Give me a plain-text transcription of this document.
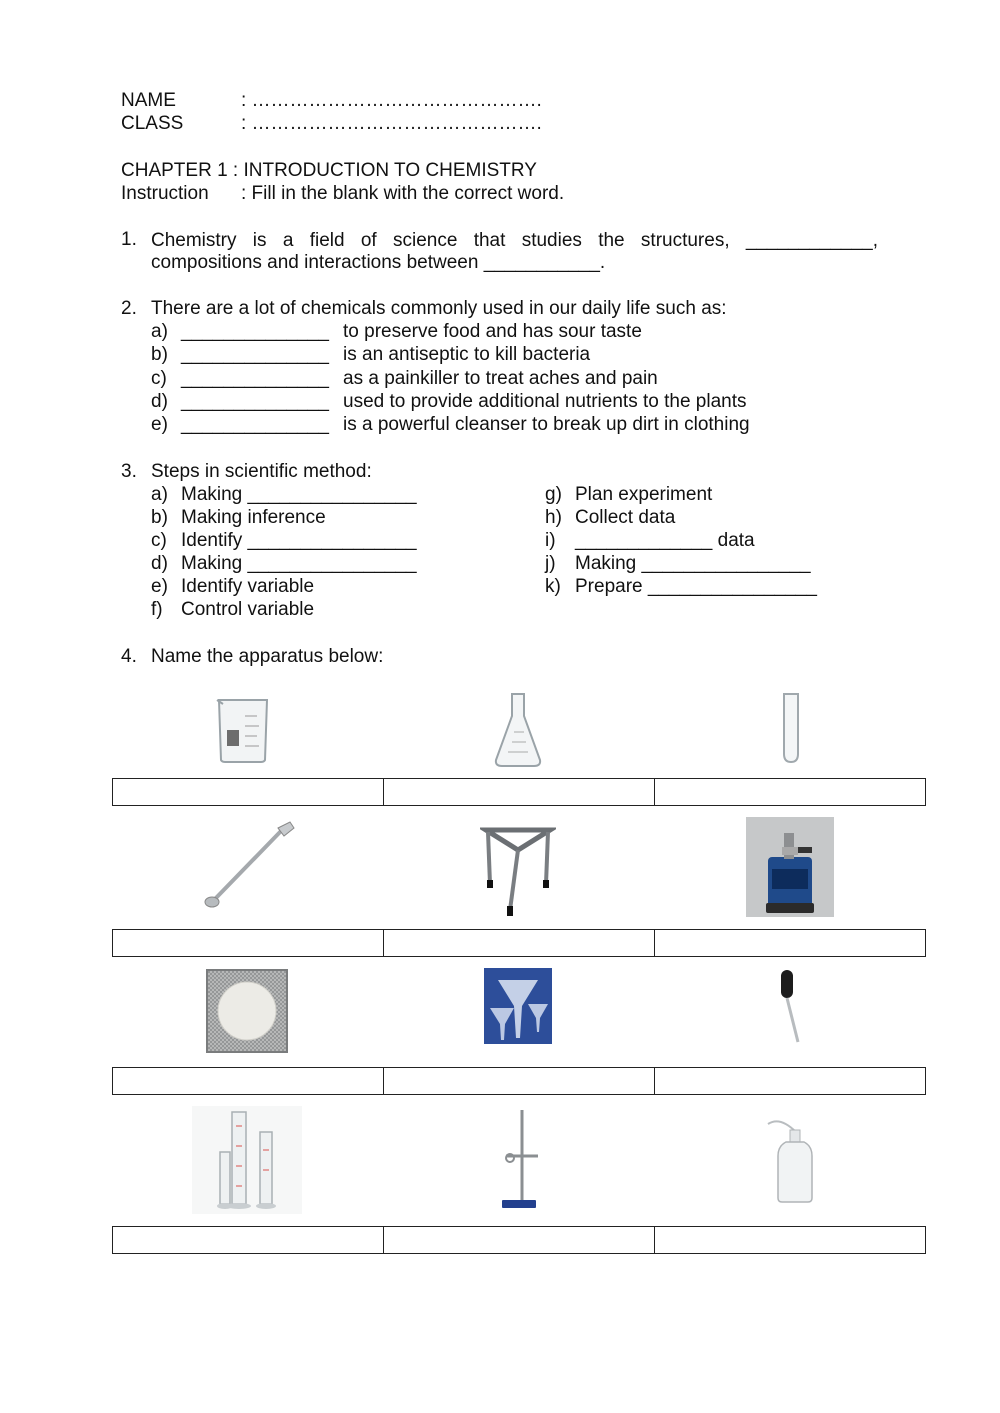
NAME	: ……………………………………….
CLASS	: ……………………………………….
CHAPTER 1 : INTRODUCTION TO CHEMISTRY
Instruction : Fill in the blank with the correct word.
1. Chemistry is a field of science that studies the structures, ____________,
compositions and interactions between ___________.
2. There are a lot of chemicals commonly used in our daily life such as:
a) ______________ to preserve food and has sour taste
b) ______________ is an antiseptic to kill bacteria
c) ______________ as a painkiller to treat aches and pain
d) ______________ used to provide additional nutrients to the plants
e) ______________ is a powerful cleanser to break up dirt in clothing
3. Steps in scientific method:
a) Making ________________
b) Making inference
c) Identify ________________
d) Making ________________
e) Identify variable
f) Control variable
g) Plan experiment
h) Collect data
i) _____________ data
j) Making ________________
k) Prepare ________________
4. Name the apparatus below:
